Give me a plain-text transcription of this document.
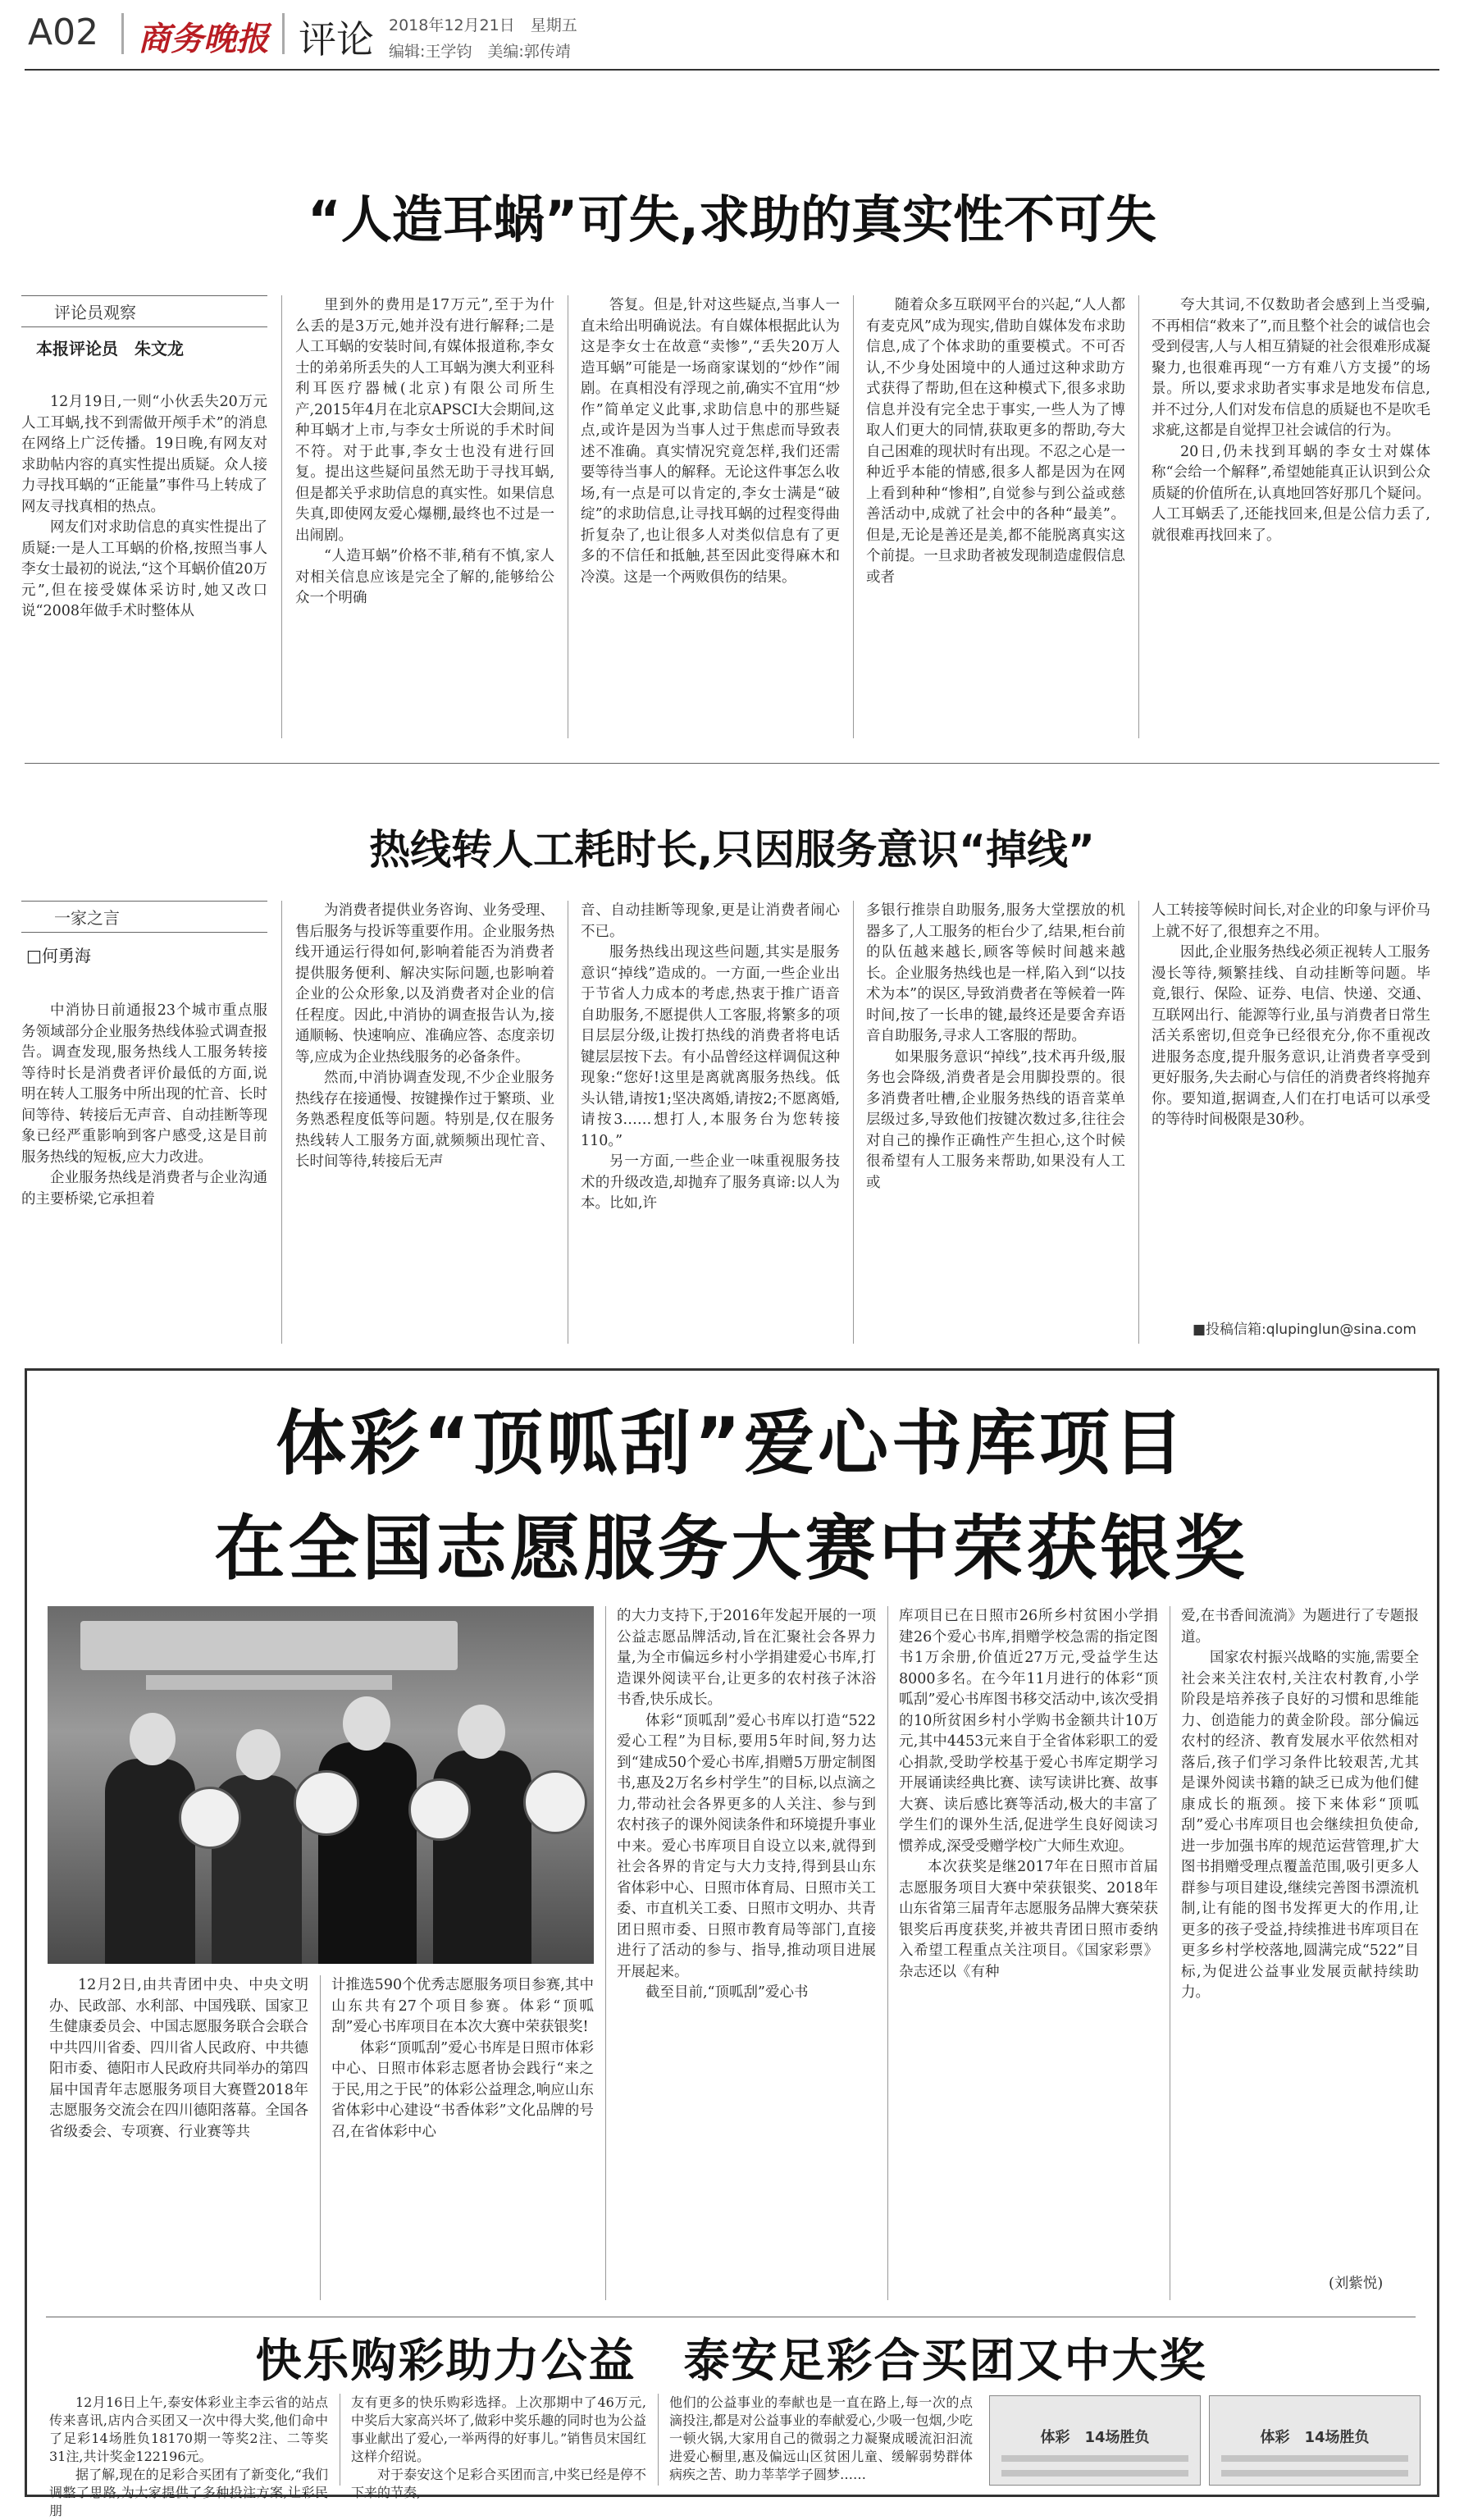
A02 商务晚报 评论 2018年12月21日　星期五
编辑:王学钧　美编:郭传靖
“人造耳蜗”可失,求助的真实性不可失
评论员观察
本报评论员　朱文龙

12月19日,一则“小伙丢失20万元人工耳蜗,找不到需做开颅手术”的消息在网络上广泛传播。19日晚,有网友对求助帖内容的真实性提出质疑。众人接力寻找耳蜗的“正能量”事件马上转成了网友寻找真相的热点。

网友们对求助信息的真实性提出了质疑:一是人工耳蜗的价格,按照当事人李女士最初的说法,“这个耳蜗价值20万元”,但在接受媒体采访时,她又改口说“2008年做手术时整体从

里到外的费用是17万元”,至于为什么丢的是3万元,她并没有进行解释;二是人工耳蜗的安装时间,有媒体报道称,李女士的弟弟所丢失的人工耳蜗为澳大利亚科利耳医疗器械(北京)有限公司所生产,2015年4月在北京APSCI大会期间,这种耳蜗才上市,与李女士所说的手术时间不符。对于此事,李女士也没有进行回复。提出这些疑问虽然无助于寻找耳蜗,但是都关乎求助信息的真实性。如果信息失真,即使网友爱心爆棚,最终也不过是一出闹剧。

“人造耳蜗”价格不菲,稍有不慎,家人对相关信息应该是完全了解的,能够给公众一个明确

答复。但是,针对这些疑点,当事人一直未给出明确说法。有自媒体根据此认为这是李女士在故意“卖惨”,“丢失20万人造耳蜗”可能是一场商家谋划的“炒作”闹剧。在真相没有浮现之前,确实不宜用“炒作”简单定义此事,求助信息中的那些疑点,或许是因为当事人过于焦虑而导致表述不准确。真实情况究竟怎样,我们还需要等待当事人的解释。无论这件事怎么收场,有一点是可以肯定的,李女士满是“破绽”的求助信息,让寻找耳蜗的过程变得曲折复杂了,也让很多人对类似信息有了更多的不信任和抵触,甚至因此变得麻木和冷漠。这是一个两败俱伤的结果。

随着众多互联网平台的兴起,“人人都有麦克风”成为现实,借助自媒体发布求助信息,成了个体求助的重要模式。不可否认,不少身处困境中的人通过这种求助方式获得了帮助,但在这种模式下,很多求助信息并没有完全忠于事实,一些人为了博取人们更大的同情,获取更多的帮助,夸大自己困难的现状时有出现。不忍之心是一种近乎本能的情感,很多人都是因为在网上看到种种“惨相”,自觉参与到公益或慈善活动中,成就了社会中的各种“最美”。但是,无论是善还是美,都不能脱离真实这个前提。一旦求助者被发现制造虚假信息或者

夸大其词,不仅数助者会感到上当受骗,不再相信“救来了”,而且整个社会的诚信也会受到侵害,人与人相互猜疑的社会很难形成凝聚力,也很难再现“一方有难八方支援”的场景。所以,要求求助者实事求是地发布信息,并不过分,人们对发布信息的质疑也不是吹毛求疵,这都是自觉捍卫社会诚信的行为。

20日,仍未找到耳蜗的李女士对媒体称“会给一个解释”,希望她能真正认识到公众质疑的价值所在,认真地回答好那几个疑问。人工耳蜗丢了,还能找回来,但是公信力丢了,就很难再找回来了。

热线转人工耗时长,只因服务意识“掉线”
一家之言
□何勇海

中消协日前通报23个城市重点服务领域部分企业服务热线体验式调查报告。调查发现,服务热线人工服务转接等待时长是消费者评价最低的方面,说明在转人工服务中所出现的忙音、长时间等待、转接后无声音、自动挂断等现象已经严重影响到客户感受,这是目前服务热线的短板,应大力改进。

企业服务热线是消费者与企业沟通的主要桥梁,它承担着

为消费者提供业务咨询、业务受理、售后服务与投诉等重要作用。企业服务热线开通运行得如何,影响着能否为消费者提供服务便利、解决实际问题,也影响着企业的公众形象,以及消费者对企业的信任程度。因此,中消协的调查报告认为,接通顺畅、快速响应、准确应答、态度亲切等,应成为企业热线服务的必备条件。

然而,中消协调查发现,不少企业服务热线存在接通慢、按键操作过于繁琐、业务熟悉程度低等问题。特别是,仅在服务热线转人工服务方面,就频频出现忙音、长时间等待,转接后无声

音、自动挂断等现象,更是让消费者闹心不已。

服务热线出现这些问题,其实是服务意识“掉线”造成的。一方面,一些企业出于节省人力成本的考虑,热衷于推广语音自助服务,不愿提供人工客服,将繁多的项目层层分级,让拨打热线的消费者将电话键层层按下去。有小品曾经这样调侃这种现象:“您好!这里是离就离服务热线。低头认错,请按1;坚决离婚,请按2;不愿离婚,请按3……想打人,本服务台为您转接110。”

另一方面,一些企业一味重视服务技术的升级改造,却抛弃了服务真谛:以人为本。比如,许

多银行推崇自助服务,服务大堂摆放的机器多了,人工服务的柜台少了,结果,柜台前的队伍越来越长,顾客等候时间越来越长。企业服务热线也是一样,陷入到“以技术为本”的误区,导致消费者在等候着一阵时间,按了一长串的键,最终还是要舍弃语音自助服务,寻求人工客服的帮助。

如果服务意识“掉线”,技术再升级,服务也会降级,消费者是会用脚投票的。很多消费者吐槽,企业服务热线的语音菜单层级过多,导致他们按键次数过多,往往会对自己的操作正确性产生担心,这个时候很希望有人工服务来帮助,如果没有人工或

人工转接等候时间长,对企业的印象与评价马上就不好了,很想弃之不用。

因此,企业服务热线必须正视转人工服务漫长等待,频繁挂线、自动挂断等问题。毕竟,银行、保险、证券、电信、快递、交通、互联网出行、能源等行业,虽与消费者日常生活关系密切,但竞争已经很充分,你不重视改进服务态度,提升服务意识,让消费者享受到更好服务,失去耐心与信任的消费者终将抛弃你。要知道,据调查,人们在打电话可以承受的等待时间极限是30秒。

■投稿信箱:qlupinglun@sina.com
体彩“顶呱刮”爱心书库项目
在全国志愿服务大赛中荣获银奖

12月2日,由共青团中央、中央文明办、民政部、水利部、中国残联、国家卫生健康委员会、中国志愿服务联合会联合中共四川省委、四川省人民政府、中共德阳市委、德阳市人民政府共同举办的第四届中国青年志愿服务项目大赛暨2018年志愿服务交流会在四川德阳落幕。全国各省级委会、专项赛、行业赛等共

计推选590个优秀志愿服务项目参赛,其中山东共有27个项目参赛。体彩“顶呱刮”爱心书库项目在本次大赛中荣获银奖!

体彩“顶呱刮”爱心书库是日照市体彩中心、日照市体彩志愿者协会践行“来之于民,用之于民”的体彩公益理念,响应山东省体彩中心建设“书香体彩”文化品牌的号召,在省体彩中心

的大力支持下,于2016年发起开展的一项公益志愿品牌活动,旨在汇聚社会各界力量,为全市偏远乡村小学捐建爱心书库,打造课外阅读平台,让更多的农村孩子沐浴书香,快乐成长。

体彩“顶呱刮”爱心书库以打造“522爱心工程”为目标,要用5年时间,努力达到“建成50个爱心书库,捐赠5万册定制图书,惠及2万名乡村学生”的目标,以点滴之力,带动社会各界更多的人关注、参与到农村孩子的课外阅读条件和环境提升事业中来。爱心书库项目自设立以来,就得到社会各界的肯定与大力支持,得到县山东省体彩中心、日照市体育局、日照市关工委、市直机关工委、日照市文明办、共青团日照市委、日照市教育局等部门,直接进行了活动的参与、指导,推动项目进展开展起来。

截至目前,“顶呱刮”爱心书

库项目已在日照市26所乡村贫困小学捐建26个爱心书库,捐赠学校急需的指定图书1万余册,价值近27万元,受益学生达8000多名。在今年11月进行的体彩“顶呱刮”爱心书库图书移交活动中,该次受捐的10所贫困乡村小学购书金额共计10万元,其中4453元来自于全省体彩职工的爱心捐款,受助学校基于爱心书库定期学习开展诵读经典比赛、读写读讲比赛、故事大赛、读后感比赛等活动,极大的丰富了学生们的课外生活,促进学生良好阅读习惯养成,深受受赠学校广大师生欢迎。

本次获奖是继2017年在日照市首届志愿服务项目大赛中荣获银奖、2018年山东省第三届青年志愿服务品牌大赛荣获银奖后再度获奖,并被共青团日照市委纳入希望工程重点关注项目。《国家彩票》杂志还以《有种

爱,在书香间流淌》为题进行了专题报道。

国家农村振兴战略的实施,需要全社会来关注农村,关注农村教育,小学阶段是培养孩子良好的习惯和思维能力、创造能力的黄金阶段。部分偏远农村的经济、教育发展水平依然相对落后,孩子们学习条件比较艰苦,尤其是课外阅读书籍的缺乏已成为他们健康成长的瓶颈。接下来体彩“顶呱刮”爱心书库项目也会继续担负使命,进一步加强书库的规范运营管理,扩大图书捐赠受理点覆盖范围,吸引更多人群参与项目建设,继续完善图书漂流机制,让有能的图书发挥更大的作用,让更多的孩子受益,持续推进书库项目在更多乡村学校落地,圆满完成“522”目标,为促进公益事业发展贡献持续助力。

(刘紫悦)
快乐购彩助力公益　泰安足彩合买团又中大奖

12月16日上午,泰安体彩业主李云省的站点传来喜讯,店内合买团又一次中得大奖,他们命中了足彩14场胜负18170期一等奖2注、二等奖31注,共计奖金122196元。

据了解,现在的足彩合买团有了新变化,“我们调整了思路,为大家提供了多种投注方案,让彩民朋

友有更多的快乐购彩选择。上次那期中了46万元,中奖后大家高兴坏了,做彩中奖乐趣的同时也为公益事业献出了爱心,一举两得的好事儿。”销售员宋国红这样介绍说。

对于泰安这个足彩合买团而言,中奖已经是停不下来的节奏,

他们的公益事业的奉献也是一直在路上,每一次的点滴投注,都是对公益事业的奉献爱心,少吸一包烟,少吃一顿火锅,大家用自己的微弱之力凝聚成暖流汩汩流进爱心橱里,惠及偏远山区贫困儿童、缓解弱势群体病疾之苦、助力莘莘学子圆梦……

体彩　14场胜负	体彩　14场胜负
